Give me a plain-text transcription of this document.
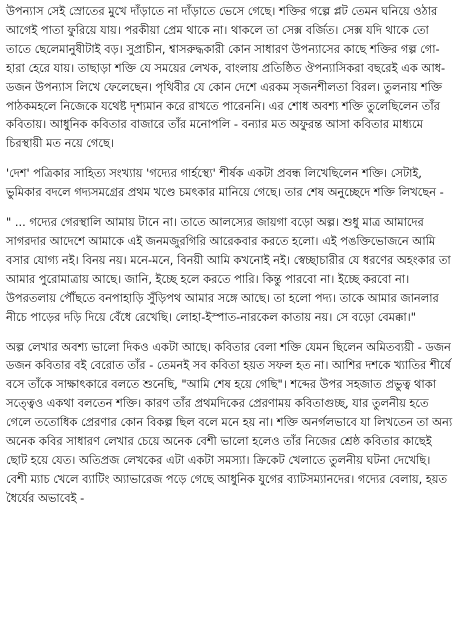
উপন্যাস সেই স্রোতের মুখে দাঁড়াতে না দাঁড়াতে ভেসে গেছে। শক্তির গল্পে প্লট তেমন ঘনিয়ে ওঠার আগেই পাতা ফুরিয়ে যায়। পরকীয়া প্রেম থাকে না। থাকলে তা সেক্স বর্জিত। সেক্স যদি থাকে তো তাতে ছেলেমানুষীটাই বড়। সুপ্রাচীন, শ্বাসরুদ্ধকারী কোন সাধারণ উপন্যাসের কাছে শক্তির গল্প গো-হারা হেরে যায়। তাছাড়া শক্তি যে সময়ের লেখক, বাংলায় প্রতিষ্ঠিত ঔপন্যাসিকরা বছরেই এক আধ-ডজন উপন্যাস লিখে ফেলেছেন। পৃথিবীর যে কোন দেশে এরকম সৃজনশীলতা বিরল। তুলনায় শক্তি পাঠকমহলে নিজেকে যথেষ্ট দৃশ্যমান করে রাখতে পারেননি। এর শোধ অবশ্য শক্তি তুলেছিলেন তাঁর কবিতায়। আধুনিক কবিতার বাজারে তাঁর মনোপলি - বন্যার মত অফুরন্ত আসা কবিতার মাধ্যমে চিরস্থায়ী মত নয়ে গেছে।

'দেশ' পত্রিকার সাহিত্য সংখ্যায় 'গদ্যের গার্হস্থ্যে' শীর্ষক একটা প্রবন্ধ লিখেছিলেন শক্তি। সেটাই, ভুমিকার বদলে গদ্যসমগ্রের প্রথম খণ্ডে চমৎকার মানিয়ে গেছে। তার শেষ অনুচ্ছেদে শক্তি লিখছেন -

" ... গদ্যের গেরস্থালি আমায় টানে না। তাতে আলস্যের জায়গা বড়ো অল্প। শুধু মাত্র আমাদের সাগরদার আদেশে আমাকে এই জনমজুরগিরি আরেকবার করতে হলো। এই পঙক্তিভোজনে আমি বসার যোগ্য নই। বিনয় নয়। মনে-মনে, বিনয়ী আমি কখনোই নই। স্বেচ্ছাচারীর যে ধরণের অহংকার তা আমার পুরোমাত্রায় আছে। জানি, ইচ্ছে হলে করতে পারি। কিন্তু পারবো না। ইচ্ছে করবো না। উপরতলায় পৌঁছতে বনপাহাড়ি সুঁড়িপথ আমার সঙ্গে আছে। তা হলো পদ্য। তাকে আমার জানলার নীচে পাড়ের দড়ি দিয়ে বেঁধে রেখেছি। লোহা-ইস্পাত-নারকেল কাতায় নয়। সে বড়ো বেমক্কা।"

অল্প লেখার অবশ্য ভালো দিকও একটা আছে। কবিতার বেলা শক্তি যেমন ছিলেন অমিতব্যয়ী - ডজন ডজন কবিতার বই বেরোত তাঁর - তেমনই সব কবিতা হয়ত সফল হত না। আশির দশকে খ্যাতির শীর্ষে বসে তাঁকে সাক্ষাৎকারে বলতে শুনেছি, "আমি শেষ হয়ে গেছি"। শব্দের উপর সহজাত প্রভুত্ব থাকা সত্ত্বেও একথা বলতেন শক্তি। কারণ তাঁর প্রথমদিকের প্রেরণাময় কবিতাগুচ্ছ, যার তুলনীয় হতে গেলে ততোধিক প্রেরণার কোন বিকল্প ছিল বলে মনে হয় না। শক্তি অনর্গলভাবে যা লিখতেন তা অন্য অনেক কবির সাধারণ লেখার চেয়ে অনেক বেশী ভালো হলেও তাঁর নিজের শ্রেষ্ঠ কবিতার কাছেই ছোট হয়ে যেত। অতিপ্রজ লেখকের এটা একটা সমস্যা। ক্রিকেট খেলাতে তুলনীয় ঘটনা দেখেছি। বেশী ম্যাচ খেলে ব্যাটিং অ্যাভারেজ পড়ে গেছে আধুনিক যুগের ব্যাটসম্যানদের। গদ্যের বেলায়, হয়ত ধৈর্যের অভাবেই -
